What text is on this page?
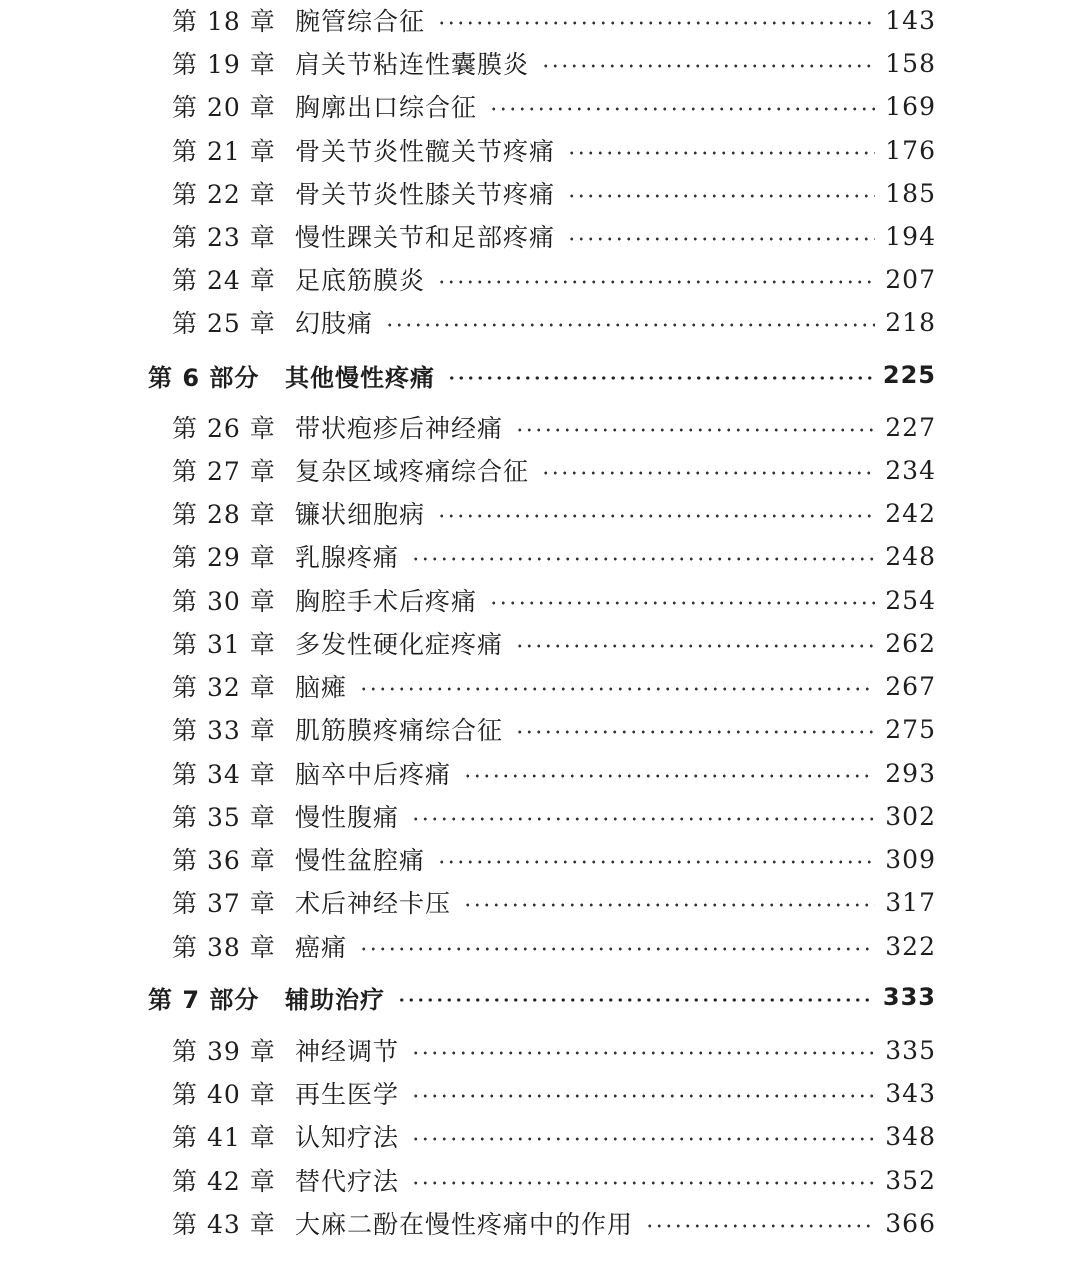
第 18 章 腕管综合征	143
第 19 章 肩关节粘连性囊膜炎	158
第 20 章 胸廓出口综合征	169
第 21 章 骨关节炎性髋关节疼痛	176
第 22 章 骨关节炎性膝关节疼痛	185
第 23 章 慢性踝关节和足部疼痛	194
第 24 章 足底筋膜炎	207
第 25 章 幻肢痛	218
第 6 部分	其他慢性疼痛	225
第 26 章 带状疱疹后神经痛	227
第 27 章 复杂区域疼痛综合征	234
第 28 章 镰状细胞病	242
第 29 章 乳腺疼痛	248
第 30 章 胸腔手术后疼痛	254
第 31 章 多发性硬化症疼痛	262
第 32 章 脑瘫	267
第 33 章 肌筋膜疼痛综合征	275
第 34 章 脑卒中后疼痛	293
第 35 章 慢性腹痛	302
第 36 章 慢性盆腔痛	309
第 37 章 术后神经卡压	317
第 38 章 癌痛	322
第 7 部分	辅助治疗	333
第 39 章 神经调节	335
第 40 章 再生医学	343
第 41 章 认知疗法	348
第 42 章 替代疗法	352
第 43 章 大麻二酚在慢性疼痛中的作用	366
